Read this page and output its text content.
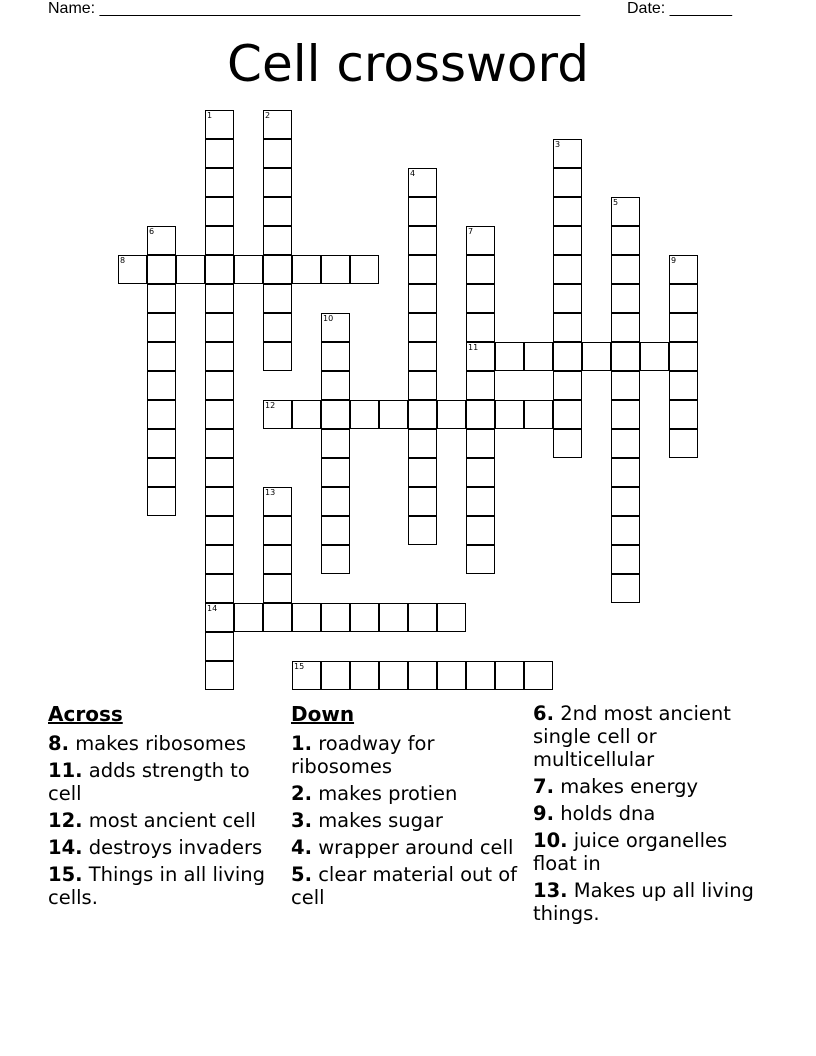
Name: ______________________________________________________	Date: _______
Cell crossword
1
14
2
3
4
5
6	7
11
8	9
10
12
13
15
Across
8. makes ribosomes
11. adds strength to cell
12. most ancient cell
14. destroys invaders
15. Things in all living cells.
Down
1. roadway for ribosomes
2. makes protien
3. makes sugar
4. wrapper around cell
5. clear material out of cell
6. 2nd most ancient single cell or multicellular
7. makes energy
9. holds dna
10. juice organelles float in
13. Makes up all living things.
